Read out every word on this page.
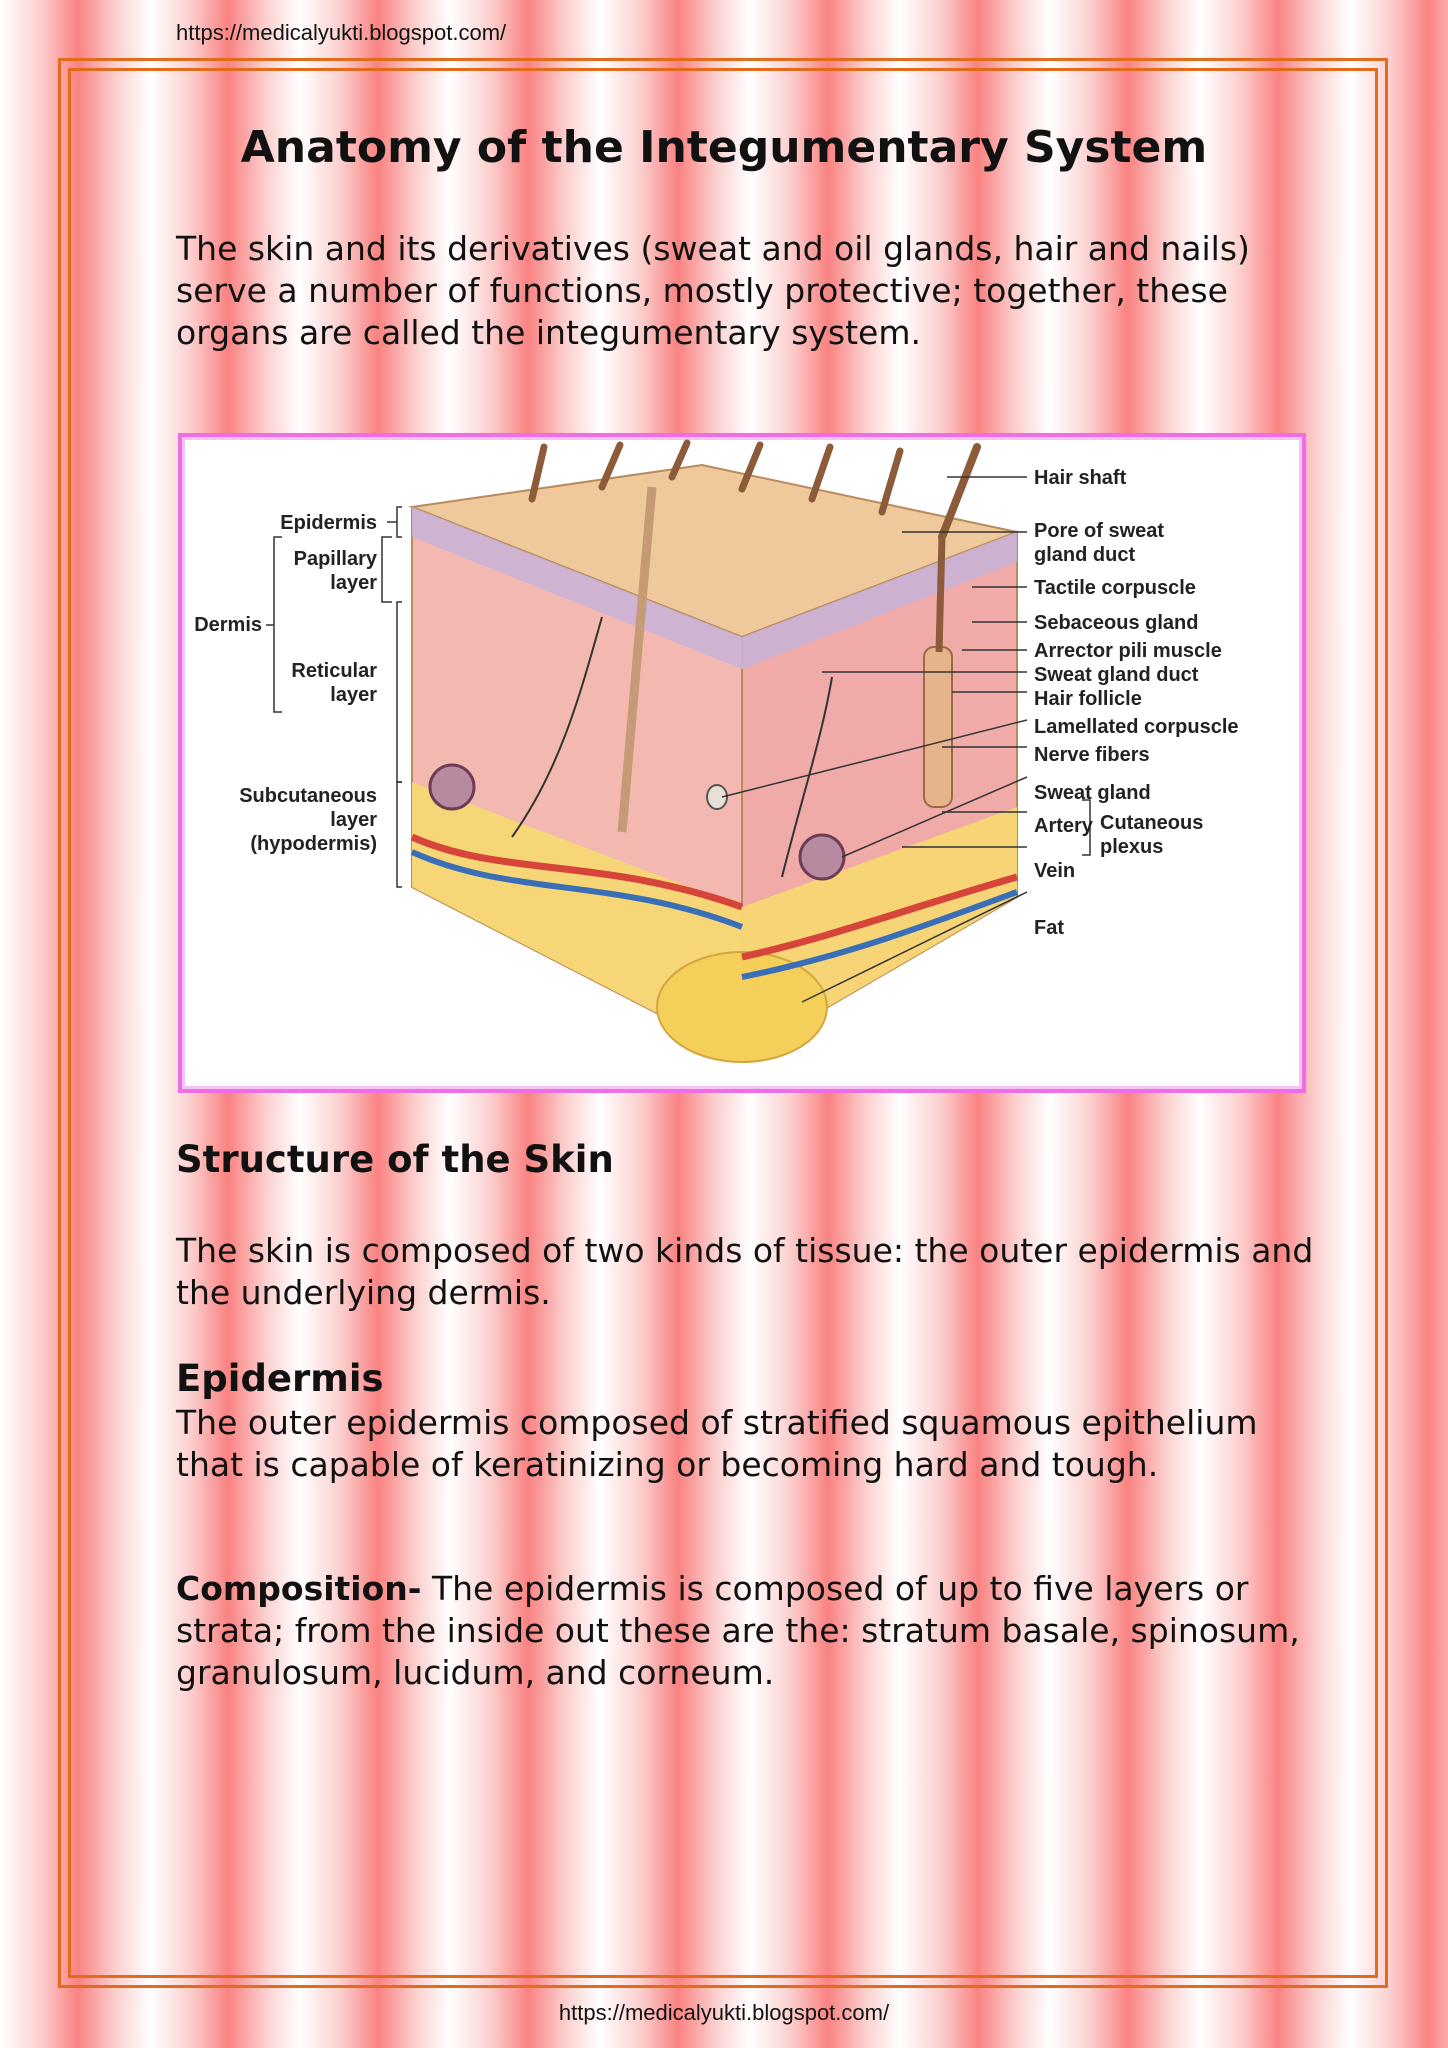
https://medicalyukti.blogspot.com/
Anatomy of the Integumentary System

The skin and its derivatives (sweat and oil glands, hair and nails) serve a number of functions, mostly protective; together, these organs are called the integumentary system.

Epidermis
Papillary
layer
Dermis
Reticular
layer
Subcutaneous
layer
(hypodermis)
Hair shaft
Pore of sweat
gland duct
Tactile corpuscle
Sebaceous gland
Arrector pili muscle
Sweat gland duct
Hair follicle
Lamellated corpuscle
Nerve fibers
Sweat gland
Artery
Vein
Cutaneous
plexus
Fat
Structure of the Skin

The skin is composed of two kinds of tissue: the outer epidermis and the underlying dermis.

Epidermis

The outer epidermis composed of stratified squamous epithelium that is capable of keratinizing or becoming hard and tough.

Composition- The epidermis is composed of up to five layers or strata; from the inside out these are the: stratum basale, spinosum, granulosum, lucidum, and corneum.

https://medicalyukti.blogspot.com/
